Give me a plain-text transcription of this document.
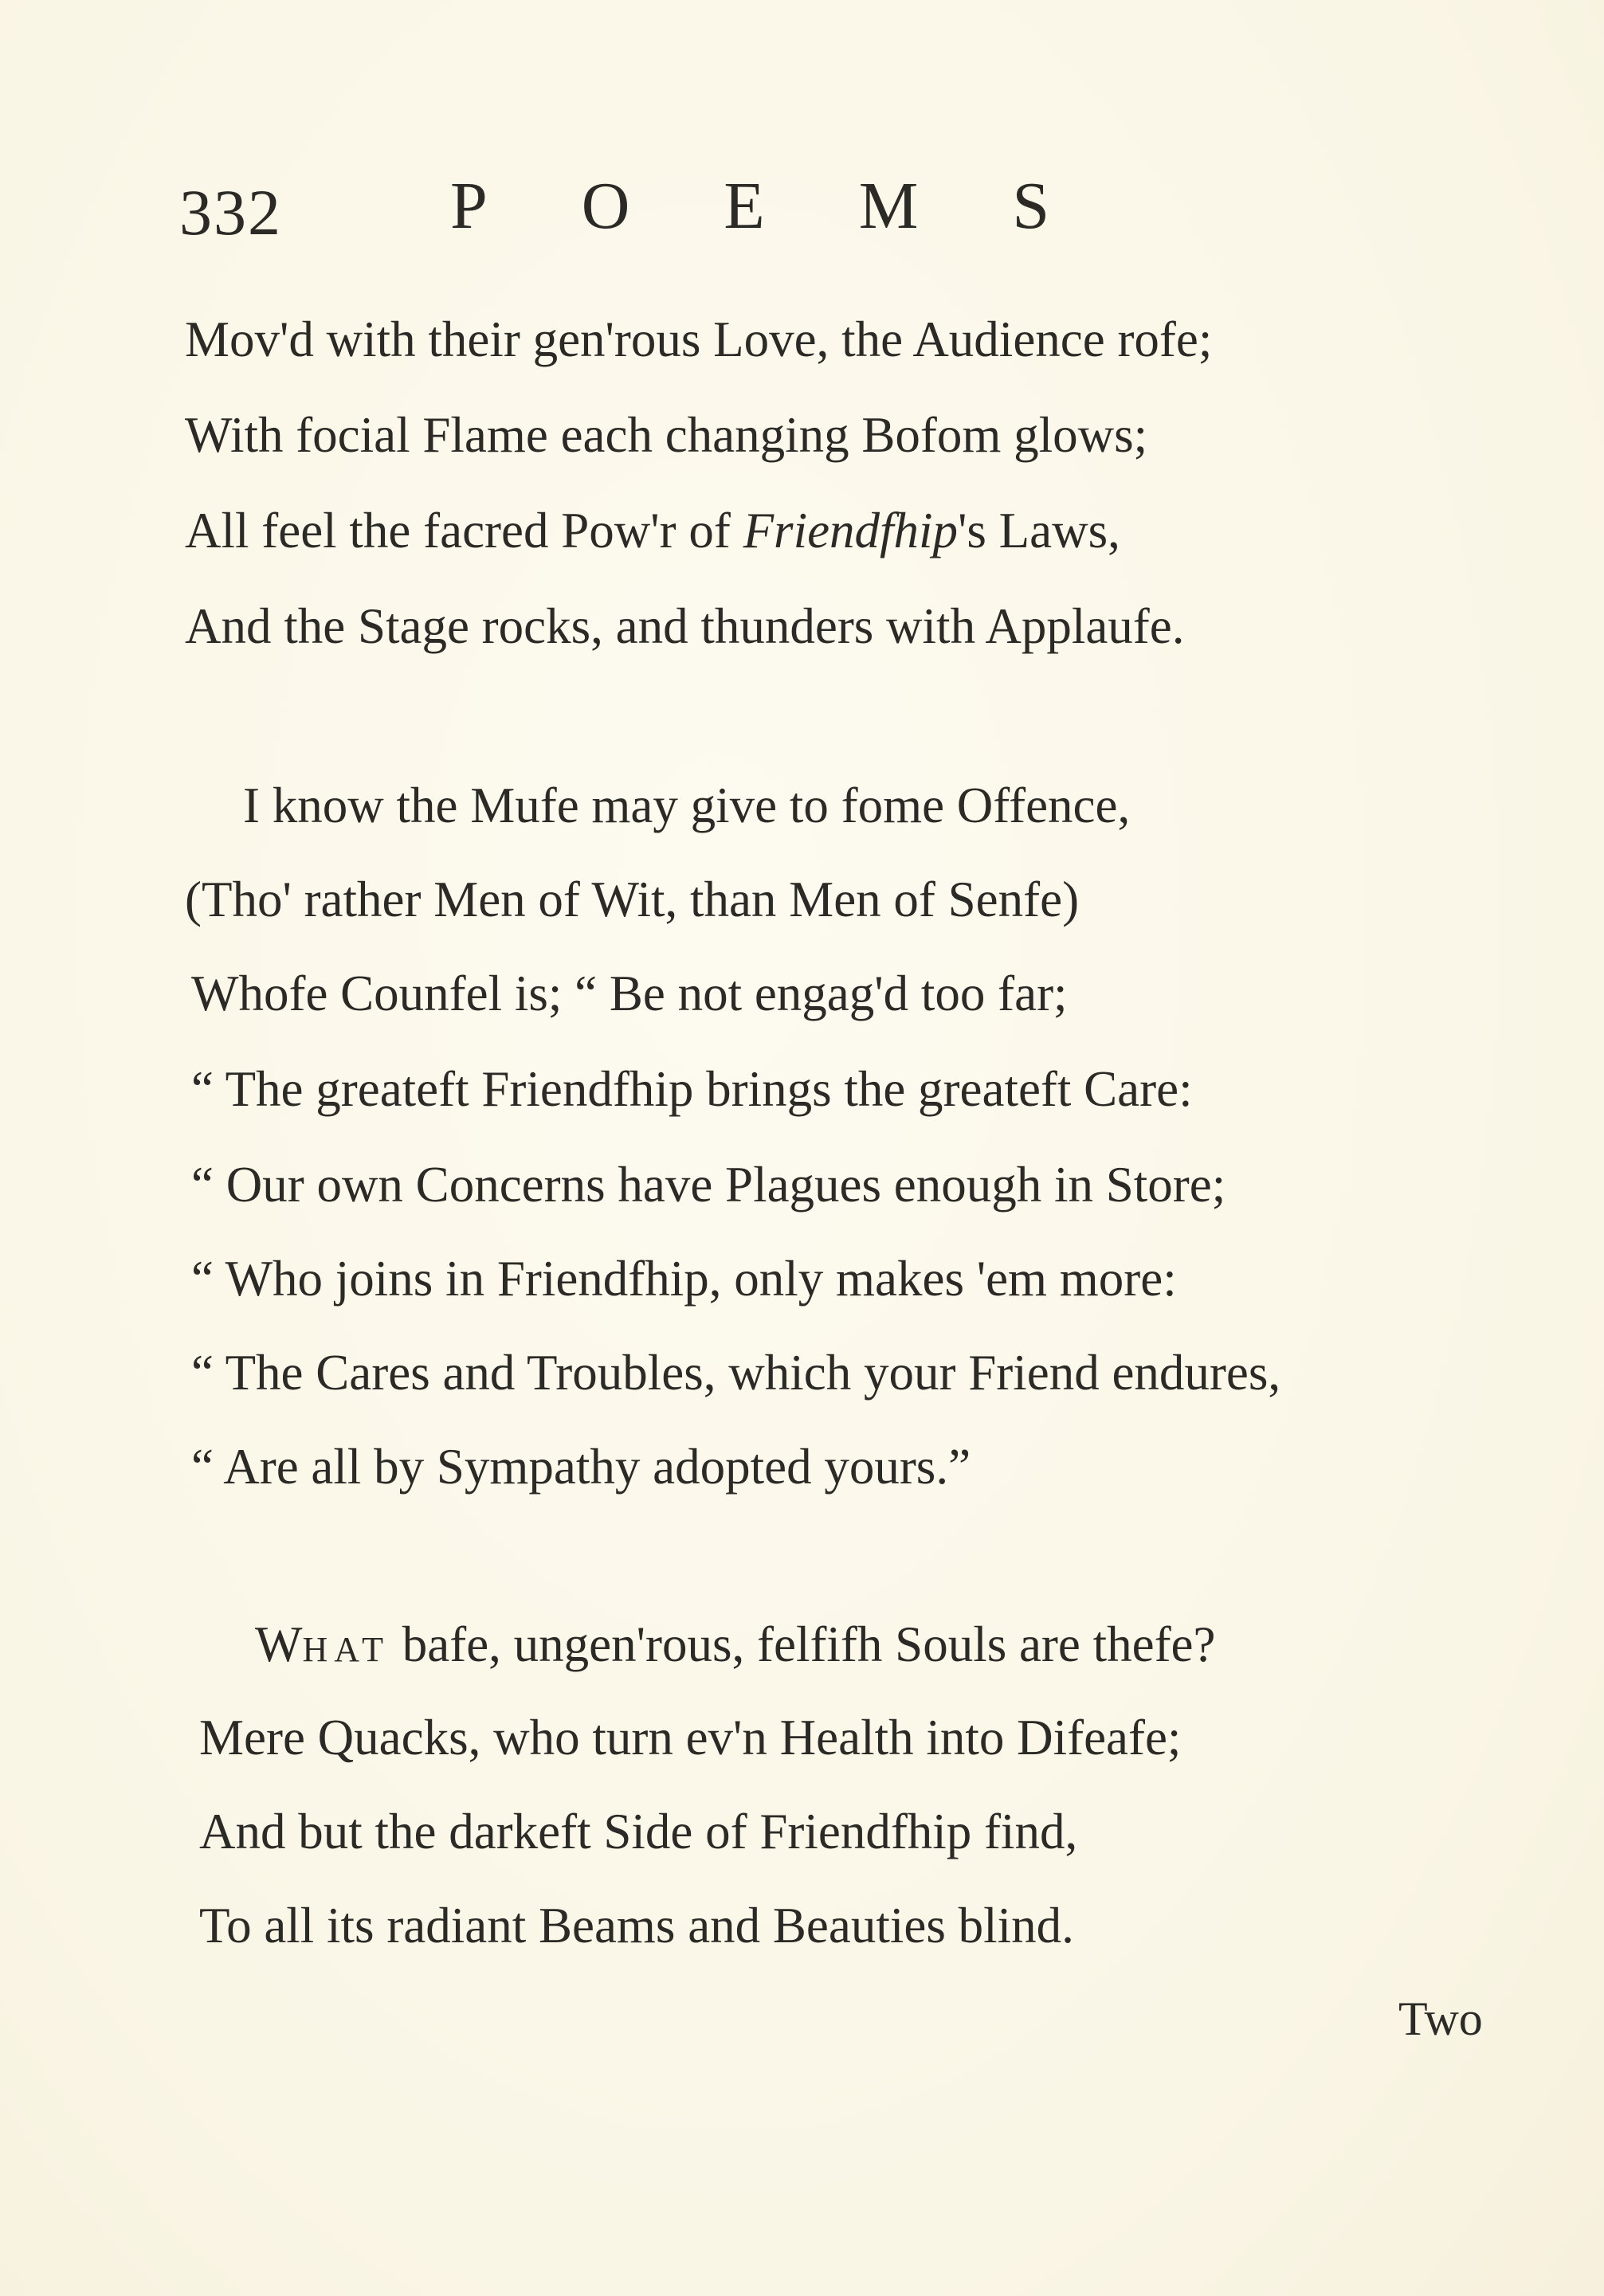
332	POEMS
Mov'd with their gen'rous Love, the Audience rofe;
With focial Flame each changing Bofom glows;
All feel the facred Pow'r of Friendfhip's Laws,
And the Stage rocks, and thunders with Applaufe.
I know the Mufe may give to fome Offence,
(Tho' rather Men of Wit, than Men of Senfe)
Whofe Counfel is; “ Be not engag'd too far;
“ The greateft Friendfhip brings the greateft Care:
“ Our own Concerns have Plagues enough in Store;
“ Who joins in Friendfhip, only makes 'em more:
“ The Cares and Troubles, which your Friend endures,
“ Are all by Sympathy adopted yours.”
WHAT bafe, ungen'rous, felfifh Souls are thefe?
Mere Quacks, who turn ev'n Health into Difeafe;
And but the darkeft Side of Friendfhip find,
To all its radiant Beams and Beauties blind.
Two
